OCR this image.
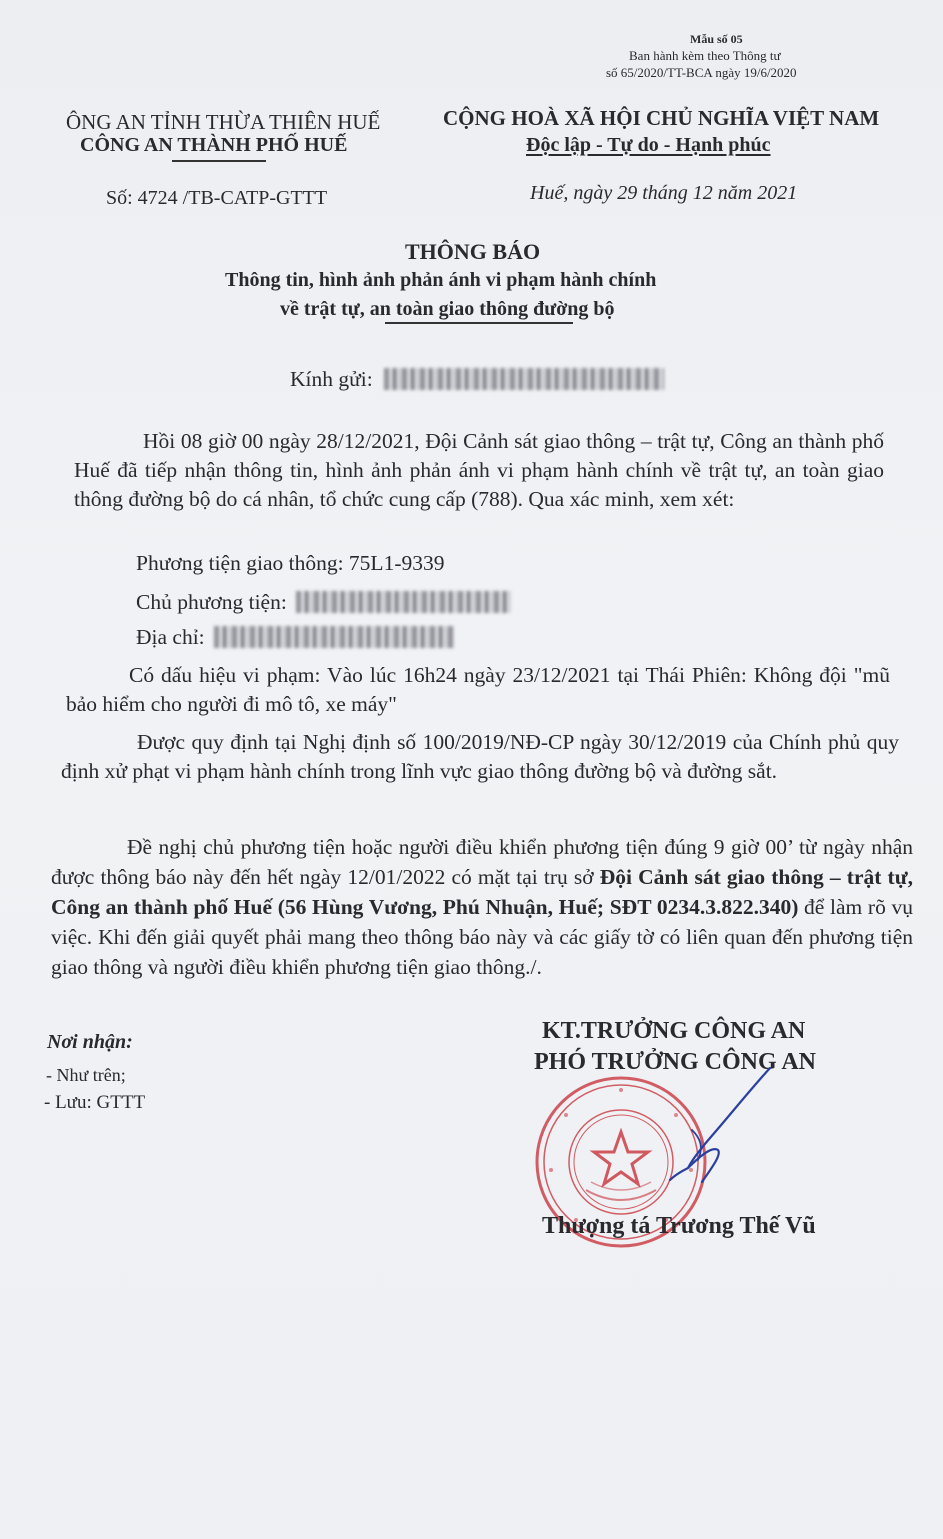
Mẫu số 05
Ban hành kèm theo Thông tư
số 65/2020/TT-BCA ngày 19/6/2020
ÔNG AN TỈNH THỪA THIÊN HUẾ
CÔNG AN THÀNH PHỐ HUẾ
CỘNG HOÀ XÃ HỘI CHỦ NGHĨA VIỆT NAM
Độc lập - Tự do - Hạnh phúc
Số: 4724 /TB-CATP-GTTT	Huế, ngày 29 tháng 12 năm 2021
THÔNG BÁO
Thông tin, hình ảnh phản ánh vi phạm hành chính
về trật tự, an toàn giao thông đường bộ
Kính gửi:
Hồi 08 giờ 00 ngày 28/12/2021, Đội Cảnh sát giao thông – trật tự, Công an thành phố Huế đã tiếp nhận thông tin, hình ảnh phản ánh vi phạm hành chính về trật tự, an toàn giao thông đường bộ do cá nhân, tổ chức cung cấp (788). Qua xác minh, xem xét:
Phương tiện giao thông: 75L1-9339
Chủ phương tiện:
Địa chỉ:
Có dấu hiệu vi phạm: Vào lúc 16h24 ngày 23/12/2021 tại Thái Phiên: Không đội "mũ bảo hiểm cho người đi mô tô, xe máy"
Được quy định tại Nghị định số 100/2019/NĐ-CP ngày 30/12/2019 của Chính phủ quy định xử phạt vi phạm hành chính trong lĩnh vực giao thông đường bộ và đường sắt.
Đề nghị chủ phương tiện hoặc người điều khiển phương tiện đúng 9 giờ 00’ từ ngày nhận được thông báo này đến hết ngày 12/01/2022 có mặt tại trụ sở Đội Cảnh sát giao thông – trật tự, Công an thành phố Huế (56 Hùng Vương, Phú Nhuận, Huế; SĐT 0234.3.822.340) để làm rõ vụ việc. Khi đến giải quyết phải mang theo thông báo này và các giấy tờ có liên quan đến phương tiện giao thông và người điều khiển phương tiện giao thông./.
Nơi nhận:
- Như trên;
- Lưu: GTTT
KT.TRƯỞNG CÔNG AN
PHÓ TRƯỞNG CÔNG AN
Thượng tá Trương Thế Vũ
